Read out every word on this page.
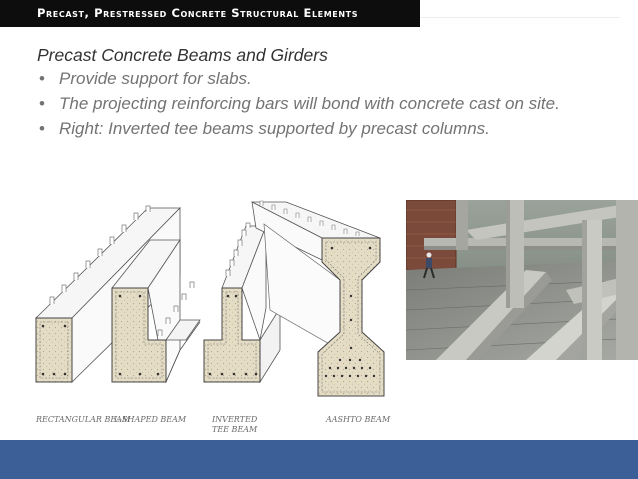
Precast, Prestressed Concrete Structural Elements
Precast Concrete Beams and Girders
• Provide support for slabs.
• The projecting reinforcing bars will bond with concrete cast on site.
• Right: Inverted tee beams supported by precast columns.
RECTANGULAR BEAM
L-SHAPED BEAM	INVERTED TEE BEAM
AASHTO BEAM
